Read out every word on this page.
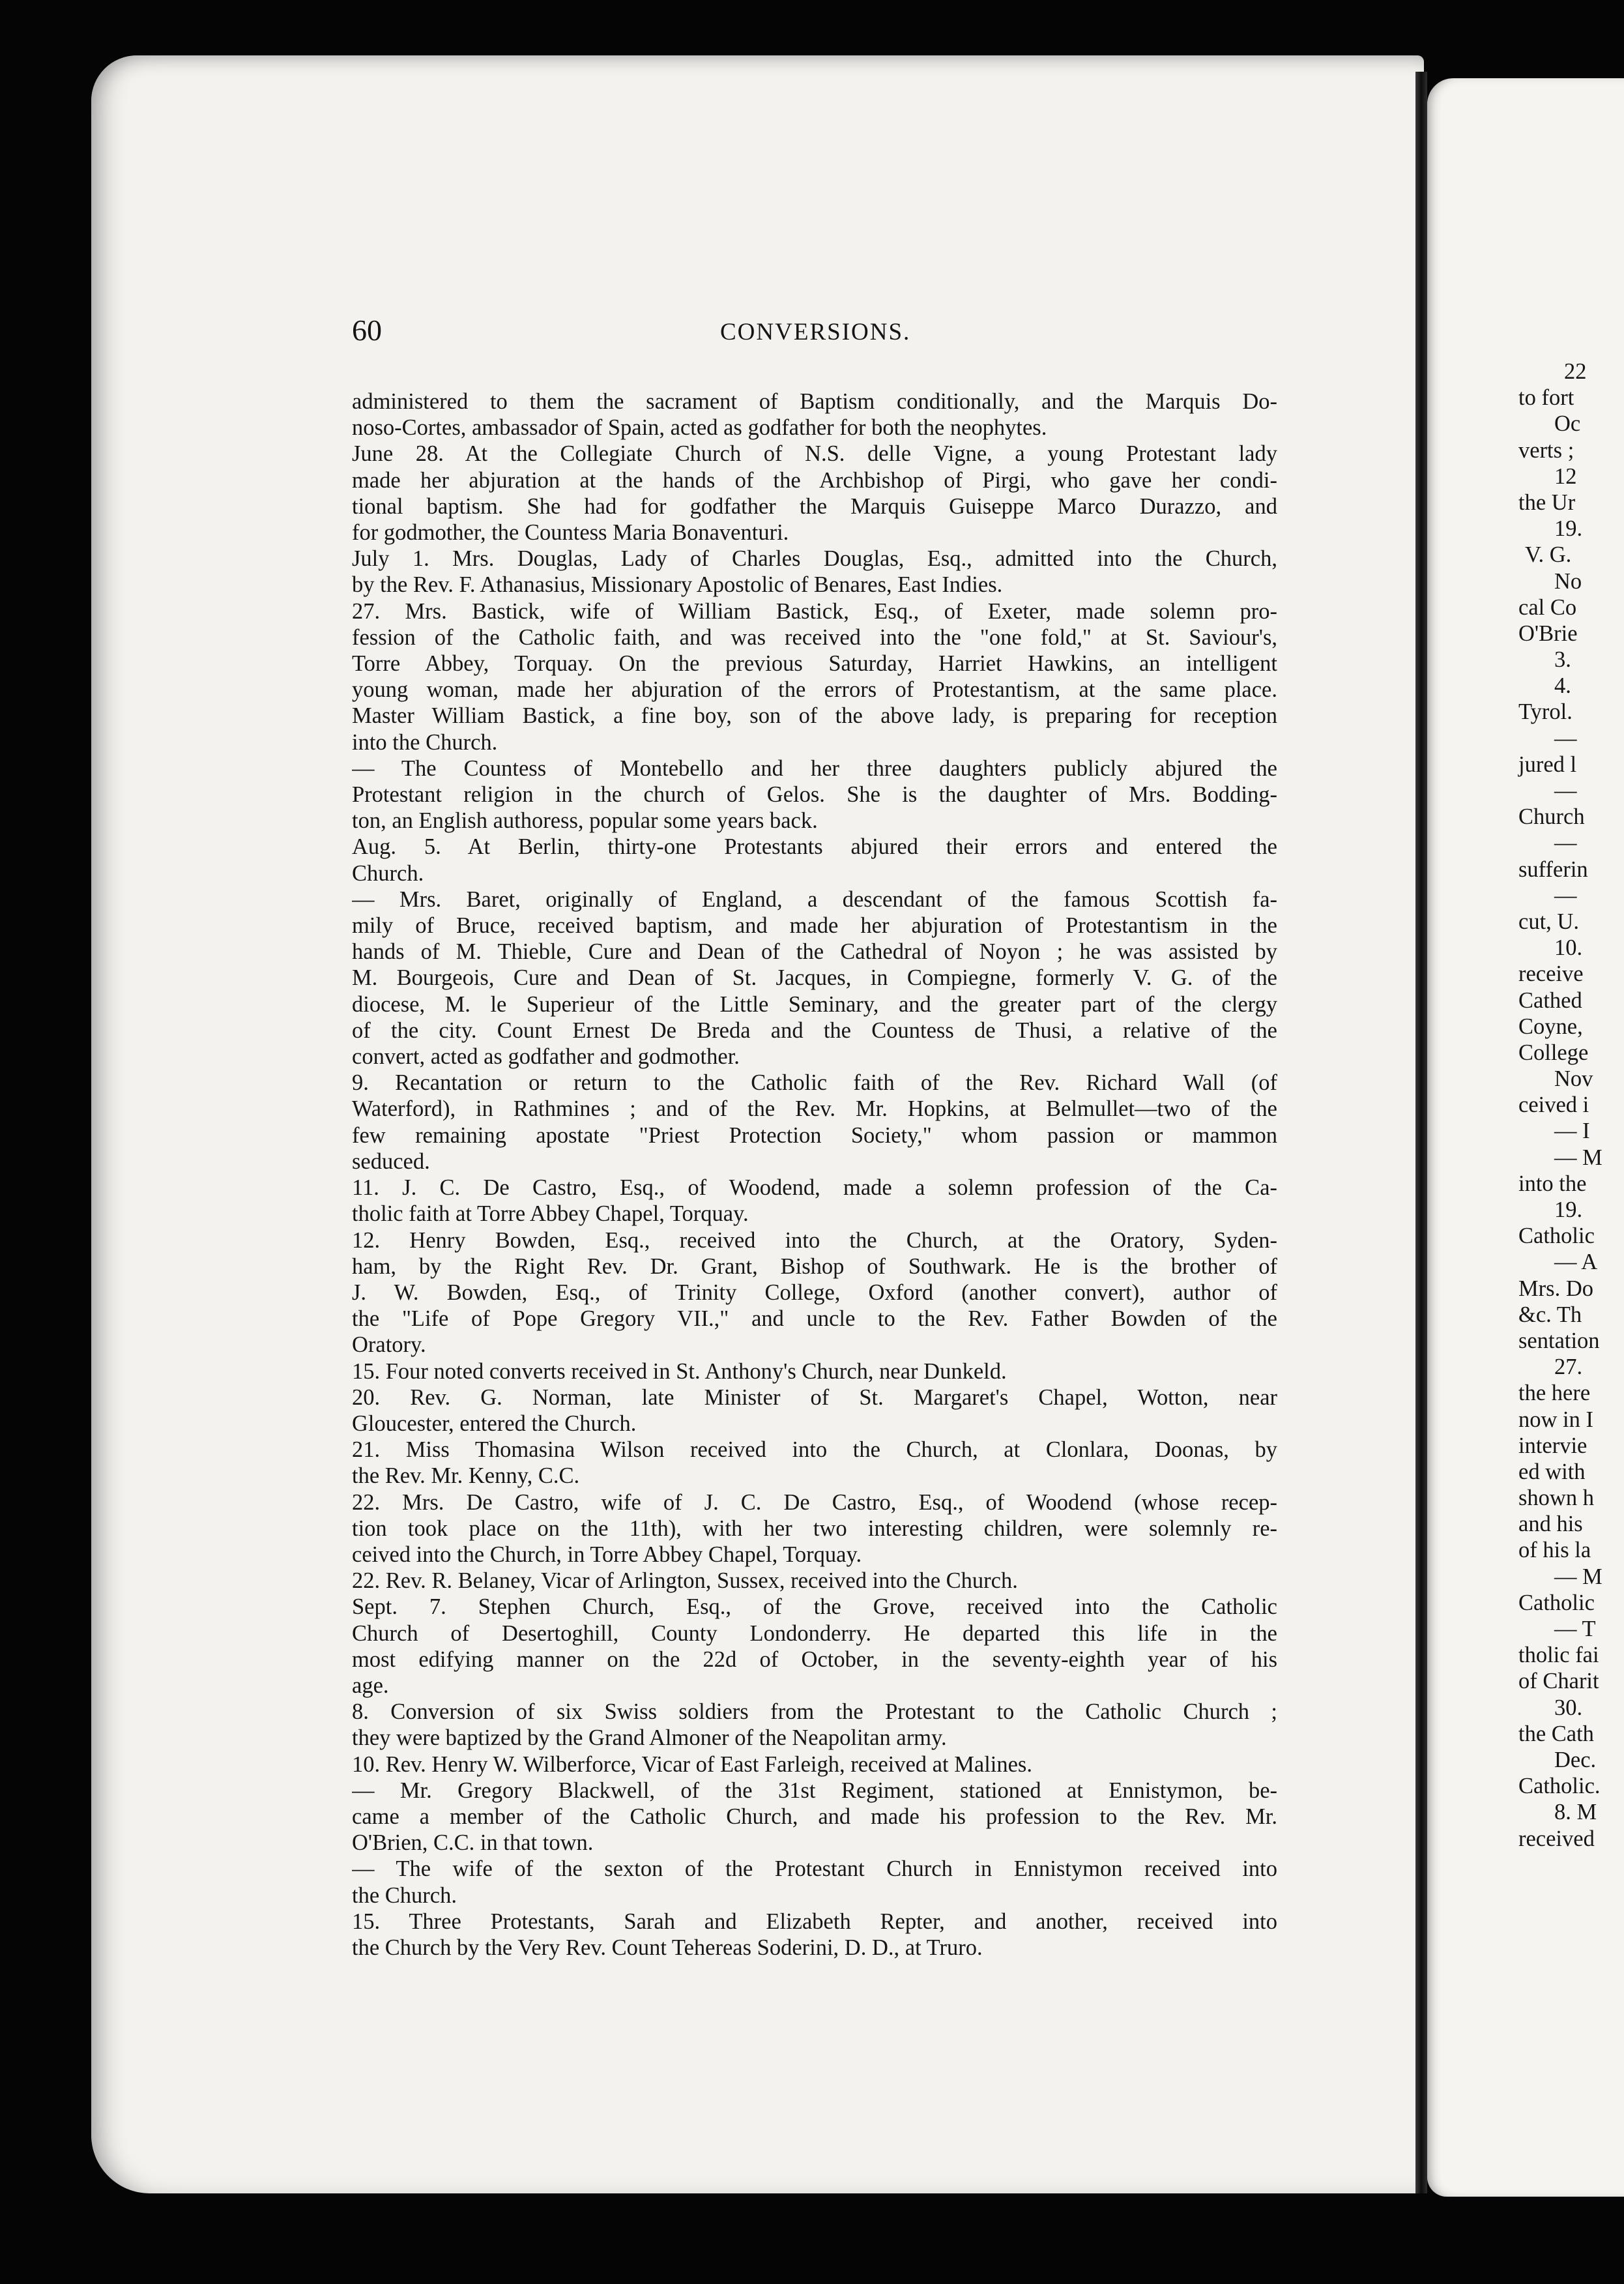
60	CONVERSIONS.
administered to them the sacrament of Baptism conditionally, and the Marquis Do-
noso-Cortes, ambassador of Spain, acted as godfather for both the neophytes.
June 28. At the Collegiate Church of N.S. delle Vigne, a young Protestant lady
made her abjuration at the hands of the Archbishop of Pirgi, who gave her condi-
tional baptism. She had for godfather the Marquis Guiseppe Marco Durazzo, and
for godmother, the Countess Maria Bonaventuri.
July 1. Mrs. Douglas, Lady of Charles Douglas, Esq., admitted into the Church,
by the Rev. F. Athanasius, Missionary Apostolic of Benares, East Indies.
27. Mrs. Bastick, wife of William Bastick, Esq., of Exeter, made solemn pro-
fession of the Catholic faith, and was received into the "one fold," at St. Saviour's,
Torre Abbey, Torquay. On the previous Saturday, Harriet Hawkins, an intelligent
young woman, made her abjuration of the errors of Protestantism, at the same place.
Master William Bastick, a fine boy, son of the above lady, is preparing for reception
into the Church.
— The Countess of Montebello and her three daughters publicly abjured the
Protestant religion in the church of Gelos. She is the daughter of Mrs. Bodding-
ton, an English authoress, popular some years back.
Aug. 5. At Berlin, thirty-one Protestants abjured their errors and entered the
Church.
— Mrs. Baret, originally of England, a descendant of the famous Scottish fa-
mily of Bruce, received baptism, and made her abjuration of Protestantism in the
hands of M. Thieble, Cure and Dean of the Cathedral of Noyon ; he was assisted by
M. Bourgeois, Cure and Dean of St. Jacques, in Compiegne, formerly V. G. of the
diocese, M. le Superieur of the Little Seminary, and the greater part of the clergy
of the city. Count Ernest De Breda and the Countess de Thusi, a relative of the
convert, acted as godfather and godmother.
9. Recantation or return to the Catholic faith of the Rev. Richard Wall (of
Waterford), in Rathmines ; and of the Rev. Mr. Hopkins, at Belmullet—two of the
few remaining apostate "Priest Protection Society," whom passion or mammon
seduced.
11. J. C. De Castro, Esq., of Woodend, made a solemn profession of the Ca-
tholic faith at Torre Abbey Chapel, Torquay.
12. Henry Bowden, Esq., received into the Church, at the Oratory, Syden-
ham, by the Right Rev. Dr. Grant, Bishop of Southwark. He is the brother of
J. W. Bowden, Esq., of Trinity College, Oxford (another convert), author of
the "Life of Pope Gregory VII.," and uncle to the Rev. Father Bowden of the
Oratory.
15. Four noted converts received in St. Anthony's Church, near Dunkeld.
20. Rev. G. Norman, late Minister of St. Margaret's Chapel, Wotton, near
Gloucester, entered the Church.
21. Miss Thomasina Wilson received into the Church, at Clonlara, Doonas, by
the Rev. Mr. Kenny, C.C.
22. Mrs. De Castro, wife of J. C. De Castro, Esq., of Woodend (whose recep-
tion took place on the 11th), with her two interesting children, were solemnly re-
ceived into the Church, in Torre Abbey Chapel, Torquay.
22. Rev. R. Belaney, Vicar of Arlington, Sussex, received into the Church.
Sept. 7. Stephen Church, Esq., of the Grove, received into the Catholic
Church of Desertoghill, County Londonderry. He departed this life in the
most edifying manner on the 22d of October, in the seventy-eighth year of his
age.
8. Conversion of six Swiss soldiers from the Protestant to the Catholic Church ;
they were baptized by the Grand Almoner of the Neapolitan army.
10. Rev. Henry W. Wilberforce, Vicar of East Farleigh, received at Malines.
— Mr. Gregory Blackwell, of the 31st Regiment, stationed at Ennistymon, be-
came a member of the Catholic Church, and made his profession to the Rev. Mr.
O'Brien, C.C. in that town.
— The wife of the sexton of the Protestant Church in Ennistymon received into
the Church.
15. Three Protestants, Sarah and Elizabeth Repter, and another, received into
the Church by the Very Rev. Count Tehereas Soderini, D. D., at Truro.
22
to fort
Oc
verts ;
12
the Ur
19.
V. G.
No
cal Co
O'Brie
3.
4.
Tyrol.
—
jured l
—
Church
—
sufferin
—
cut, U.
10.
receive
Cathed
Coyne,
College
Nov
ceived i
— I
— M
into the
19.
Catholic
— A
Mrs. Do
&c. Th
sentation
27.
the here
now in I
intervie
ed with
shown h
and his
of his la
— M
Catholic
— T
tholic fai
of Charit
30.
the Cath
Dec.
Catholic.
8. M
received
